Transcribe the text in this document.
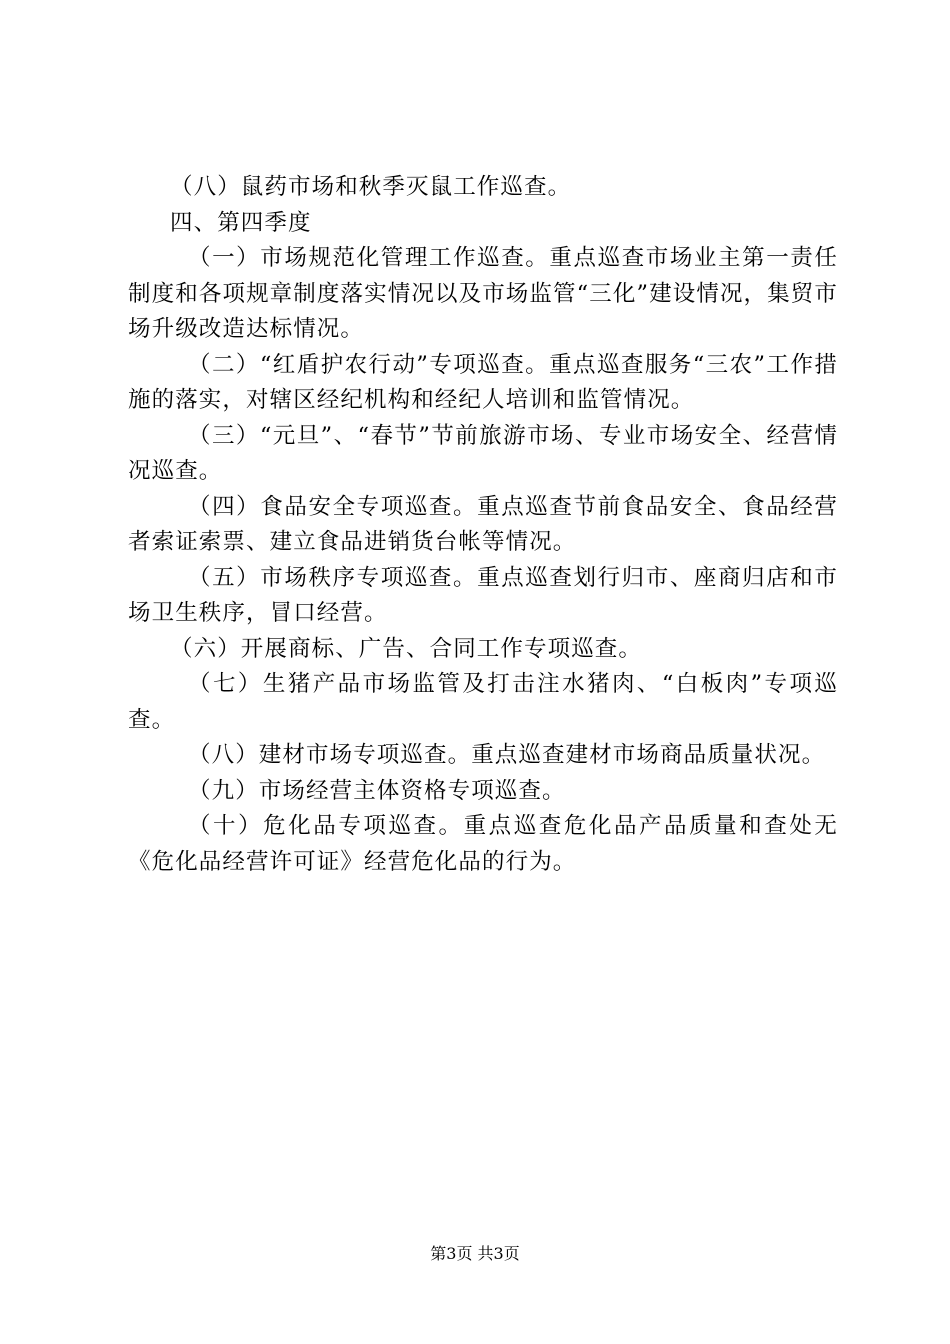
（八）鼠药市场和秋季灭鼠工作巡查。

四、第四季度

（一）市场规范化管理工作巡查。重点巡查市场业主第一责任制度和各项规章制度落实情况以及市场监管“三化”建设情况，集贸市场升级改造达标情况。

（二）“红盾护农行动”专项巡查。重点巡查服务“三农”工作措施的落实，对辖区经纪机构和经纪人培训和监管情况。

（三）“元旦”、“春节”节前旅游市场、专业市场安全、经营情况巡查。

（四）食品安全专项巡查。重点巡查节前食品安全、食品经营者索证索票、建立食品进销货台帐等情况。

（五）市场秩序专项巡查。重点巡查划行归市、座商归店和市场卫生秩序，冒口经营。

（六）开展商标、广告、合同工作专项巡查。

（七）生猪产品市场监管及打击注水猪肉、“白板肉”专项巡查。

（八）建材市场专项巡查。重点巡查建材市场商品质量状况。

（九）市场经营主体资格专项巡查。

（十）危化品专项巡查。重点巡查危化品产品质量和查处无《危化品经营许可证》经营危化品的行为。

第3页 共3页
